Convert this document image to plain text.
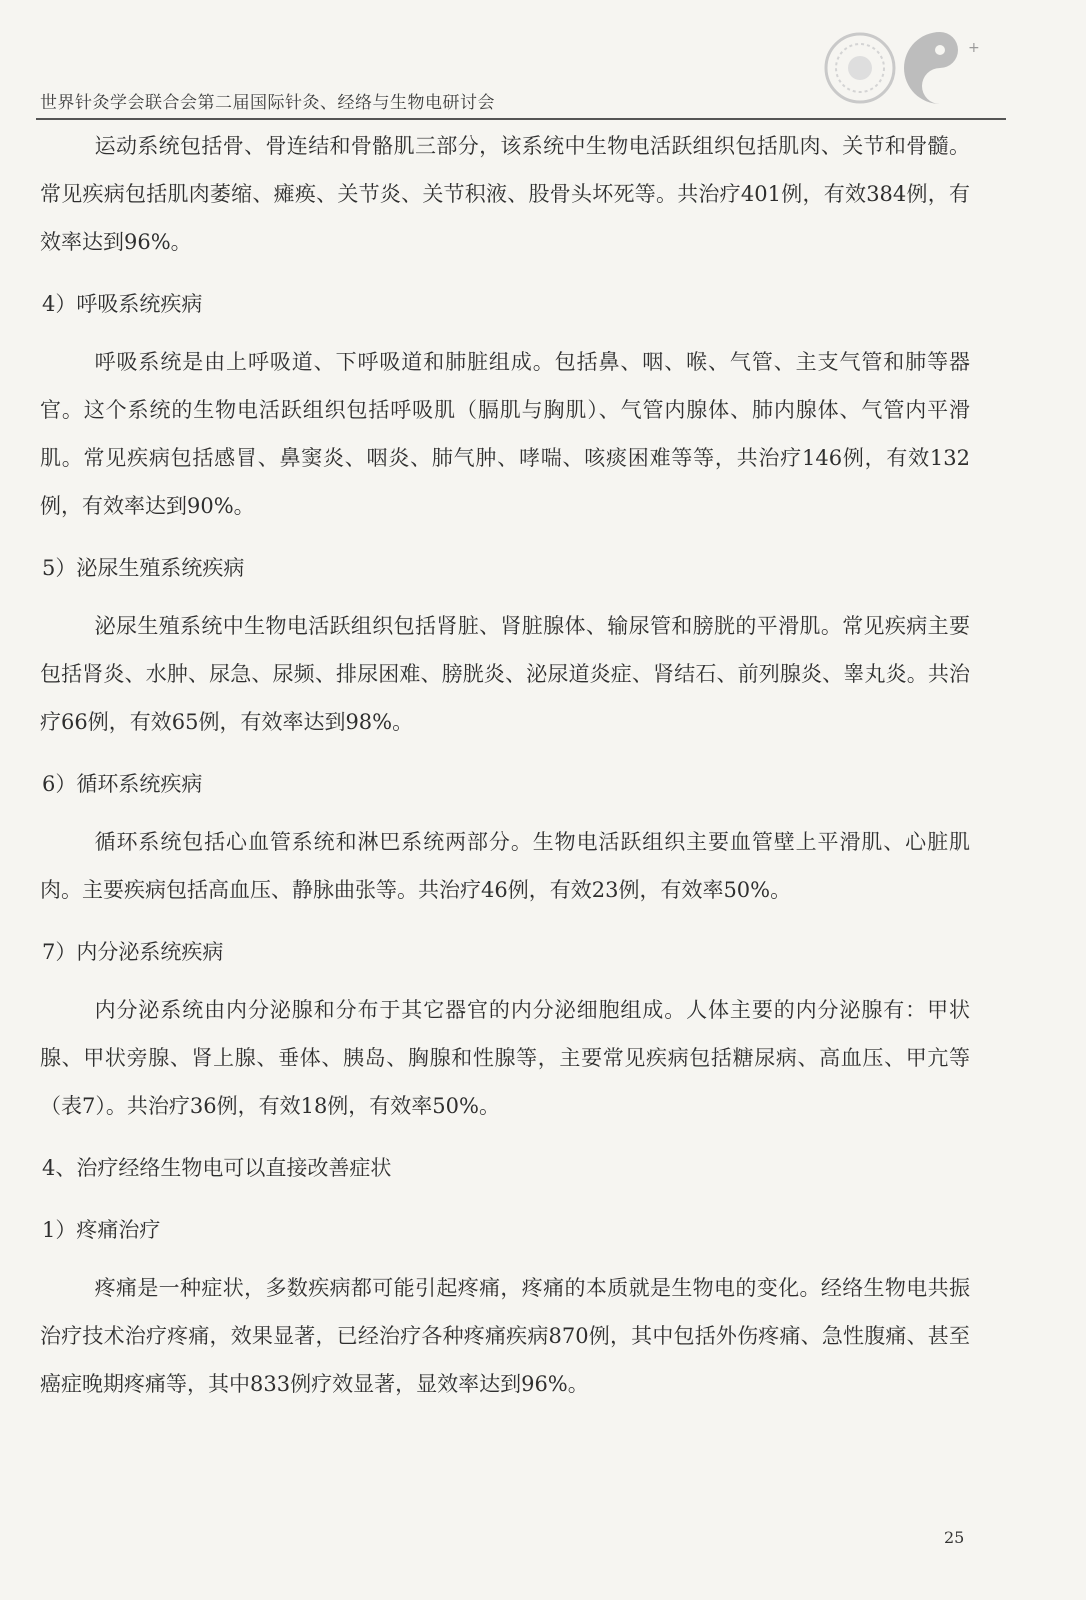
世界针灸学会联合会第二届国际针灸、经络与生物电研讨会
+

运动系统包括骨、骨连结和骨骼肌三部分，该系统中生物电活跃组织包括肌肉、关节和骨髓。常见疾病包括肌肉萎缩、瘫痪、关节炎、关节积液、股骨头坏死等。共治疗401例，有效384例，有效率达到96%。

4）呼吸系统疾病

呼吸系统是由上呼吸道、下呼吸道和肺脏组成。包括鼻、咽、喉、气管、主支气管和肺等器官。这个系统的生物电活跃组织包括呼吸肌（膈肌与胸肌）、气管内腺体、肺内腺体、气管内平滑肌。常见疾病包括感冒、鼻窦炎、咽炎、肺气肿、哮喘、咳痰困难等等，共治疗146例，有效132例，有效率达到90%。

5）泌尿生殖系统疾病

泌尿生殖系统中生物电活跃组织包括肾脏、肾脏腺体、输尿管和膀胱的平滑肌。常见疾病主要包括肾炎、水肿、尿急、尿频、排尿困难、膀胱炎、泌尿道炎症、肾结石、前列腺炎、睾丸炎。共治疗66例，有效65例，有效率达到98%。

6）循环系统疾病

循环系统包括心血管系统和淋巴系统两部分。生物电活跃组织主要血管壁上平滑肌、心脏肌肉。主要疾病包括高血压、静脉曲张等。共治疗46例，有效23例，有效率50%。

7）内分泌系统疾病

内分泌系统由内分泌腺和分布于其它器官的内分泌细胞组成。人体主要的内分泌腺有：甲状腺、甲状旁腺、肾上腺、垂体、胰岛、胸腺和性腺等，主要常见疾病包括糖尿病、高血压、甲亢等（表7）。共治疗36例，有效18例，有效率50%。

4、治疗经络生物电可以直接改善症状

1）疼痛治疗

疼痛是一种症状，多数疾病都可能引起疼痛，疼痛的本质就是生物电的变化。经络生物电共振治疗技术治疗疼痛，效果显著，已经治疗各种疼痛疾病870例，其中包括外伤疼痛、急性腹痛、甚至癌症晚期疼痛等，其中833例疗效显著，显效率达到96%。

25
